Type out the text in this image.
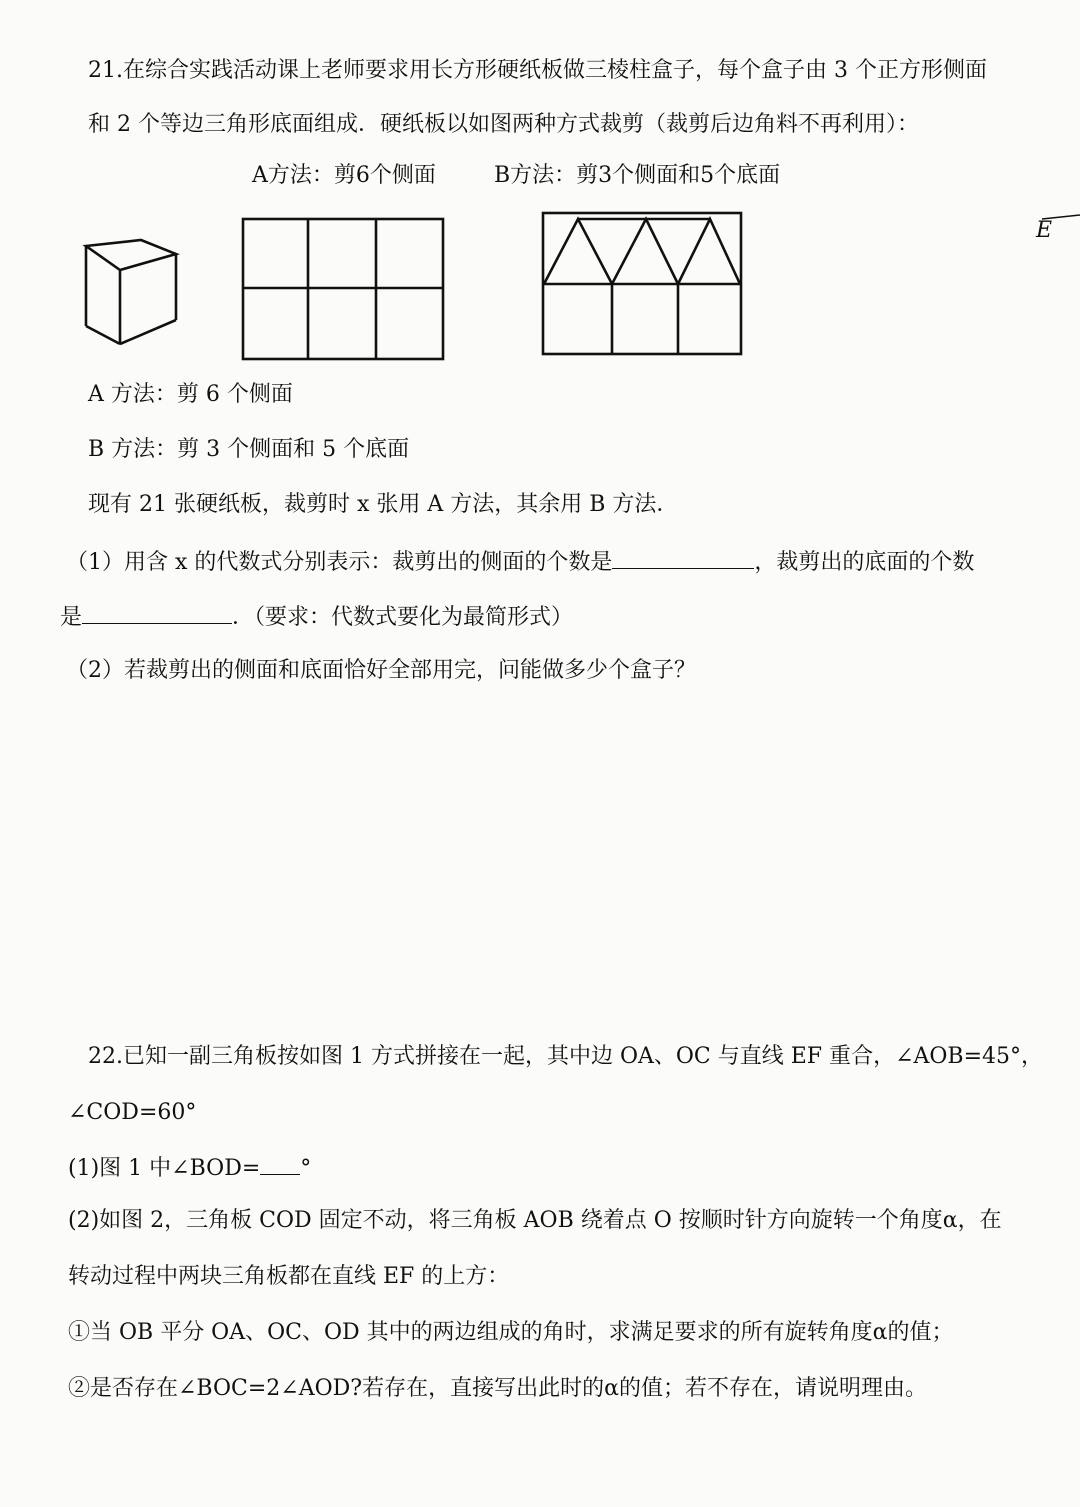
21.在综合实践活动课上老师要求用长方形硬纸板做三棱柱盒子，每个盒子由 3 个正方形侧面
和 2 个等边三角形底面组成．硬纸板以如图两种方式裁剪（裁剪后边角料不再利用）：
A方法：剪6个侧面	B方法：剪3个侧面和5个底面
E
A 方法：剪 6 个侧面
B 方法：剪 3 个侧面和 5 个底面
现有 21 张硬纸板，裁剪时 x 张用 A 方法，其余用 B 方法．
（1）用含 x 的代数式分别表示：裁剪出的侧面的个数是	，裁剪出的底面的个数
是	．（要求：代数式要化为最简形式）
（2）若裁剪出的侧面和底面恰好全部用完，问能做多少个盒子？
22.已知一副三角板按如图 1 方式拼接在一起，其中边 OA、OC 与直线 EF 重合，∠AOB=45°，
∠COD=60°
(1)图 1 中∠BOD= °
(2)如图 2，三角板 COD 固定不动，将三角板 AOB 绕着点 O 按顺时针方向旋转一个角度α，在
转动过程中两块三角板都在直线 EF 的上方：
①当 OB 平分 OA、OC、OD 其中的两边组成的角时，求满足要求的所有旋转角度α的值；
②是否存在∠BOC=2∠AOD?若存在，直接写出此时的α的值；若不存在，请说明理由。
